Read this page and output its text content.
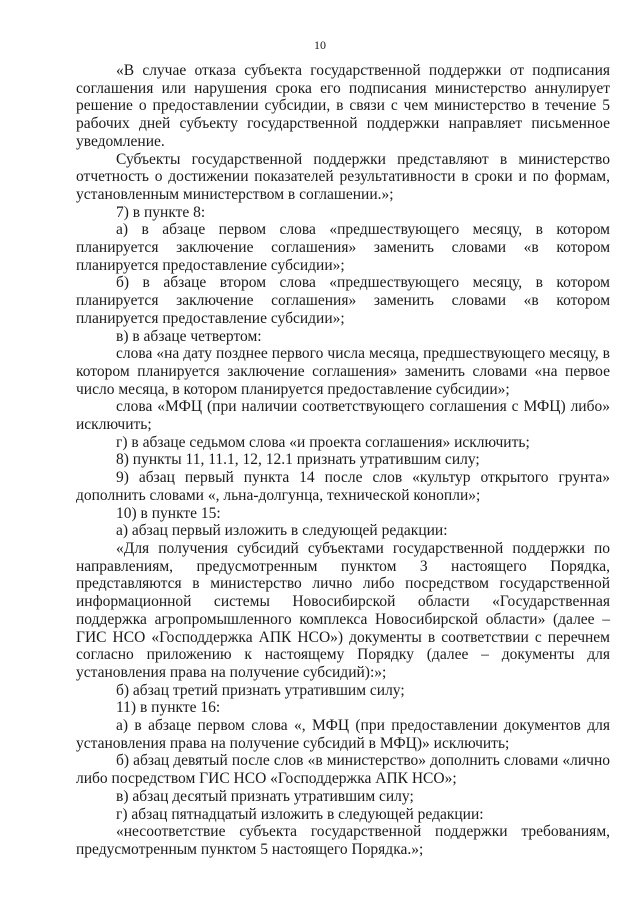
10

«В случае отказа субъекта государственной поддержки от подписания соглашения или нарушения срока его подписания министерство аннулирует решение о предоставлении субсидии, в связи с чем министерство в течение 5 рабочих дней субъекту государственной поддержки направляет письменное уведомление.

Субъекты государственной поддержки представляют в министерство отчетность о достижении показателей результативности в сроки и по формам, установленным министерством в соглашении.»;

7) в пункте 8:

а) в абзаце первом слова «предшествующего месяцу, в котором планируется заключение соглашения» заменить словами «в котором планируется предоставление субсидии»;

б) в абзаце втором слова «предшествующего месяцу, в котором планируется заключение соглашения» заменить словами «в котором планируется предоставление субсидии»;

в) в абзаце четвертом:

слова «на дату позднее первого числа месяца, предшествующего месяцу, в котором планируется заключение соглашения» заменить словами «на первое число месяца, в котором планируется предоставление субсидии»;

слова «МФЦ (при наличии соответствующего соглашения с МФЦ) либо» исключить;

г) в абзаце седьмом слова «и проекта соглашения» исключить;

8) пункты 11, 11.1, 12, 12.1 признать утратившим силу;

9) абзац первый пункта 14 после слов «культур открытого грунта» дополнить словами «, льна-долгунца, технической конопли»;

10) в пункте 15:

а) абзац первый изложить в следующей редакции:

«Для получения субсидий субъектами государственной поддержки по направлениям, предусмотренным пунктом 3 настоящего Порядка, представляются в министерство лично либо посредством государственной информационной системы Новосибирской области «Государственная поддержка агропромышленного комплекса Новосибирской области» (далее – ГИС НСО «Господдержка АПК НСО») документы в соответствии с перечнем согласно приложению к настоящему Порядку (далее – документы для установления права на получение субсидий):»;

б) абзац третий признать утратившим силу;

11) в пункте 16:

а) в абзаце первом слова «, МФЦ (при предоставлении документов для установления права на получение субсидий в МФЦ)» исключить;

б) абзац девятый после слов «в министерство» дополнить словами «лично либо посредством ГИС НСО «Господдержка АПК НСО»;

в) абзац десятый признать утратившим силу;

г) абзац пятнадцатый изложить в следующей редакции:

«несоответствие субъекта государственной поддержки требованиям, предусмотренным пунктом 5 настоящего Порядка.»;
